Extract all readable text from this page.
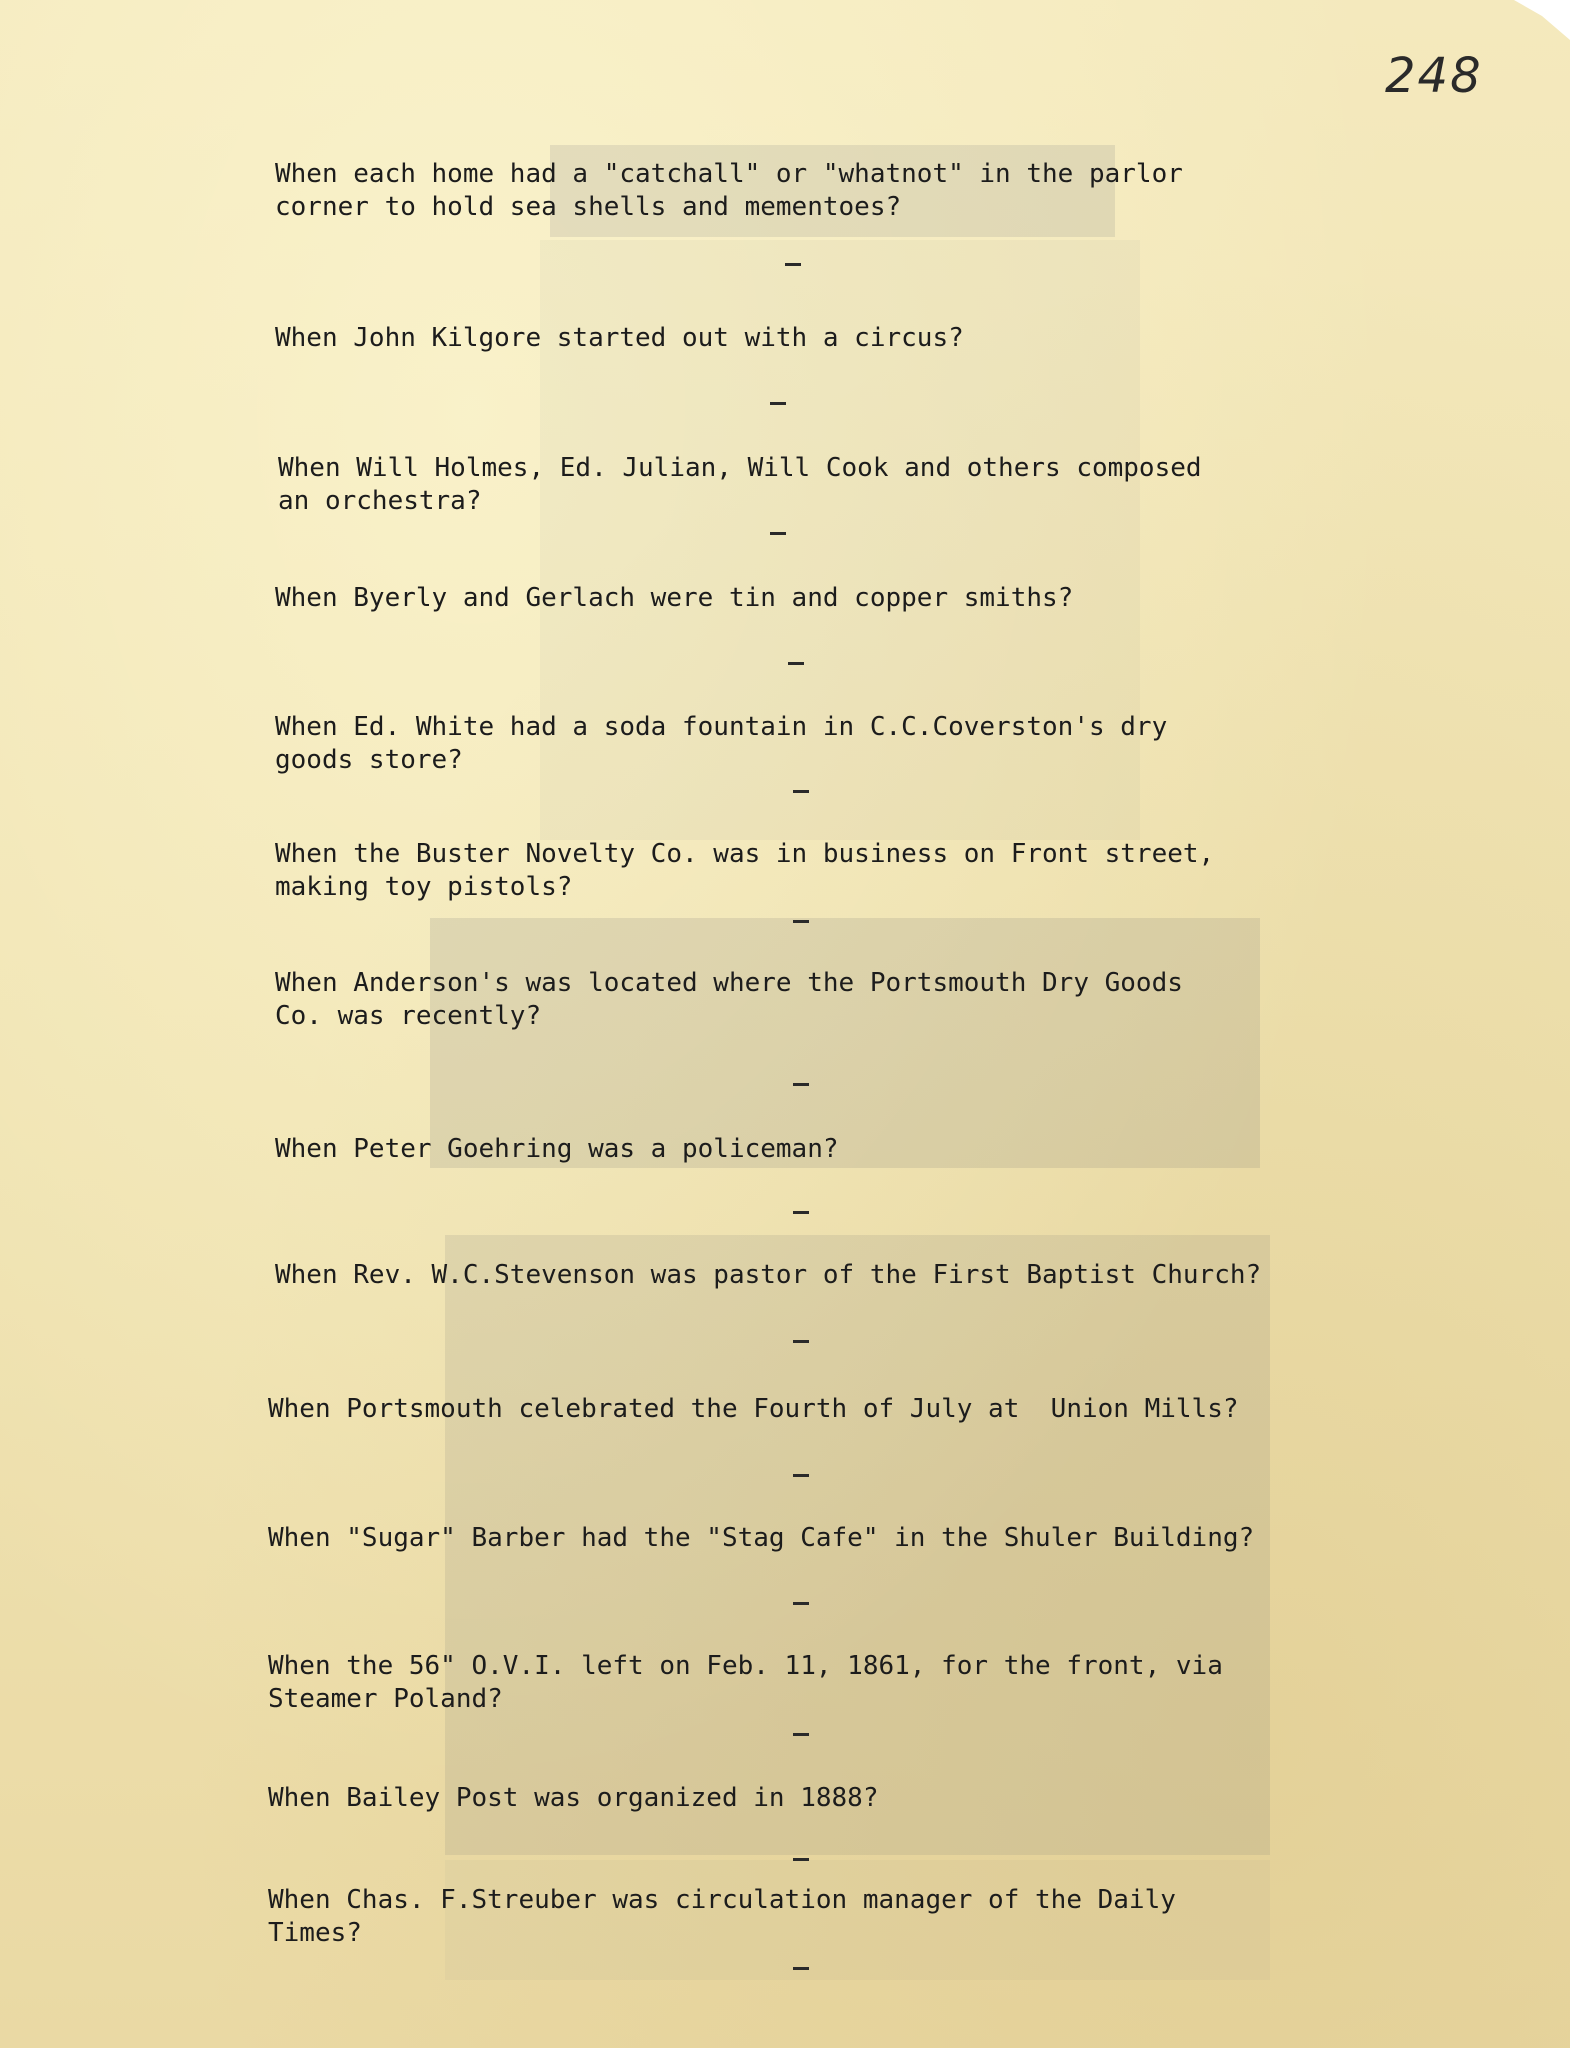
248

When each home had a "catchall" or "whatnot" in the parlor
corner to hold sea shells and mementoes?

When John Kilgore started out with a circus?

When Will Holmes, Ed. Julian, Will Cook and others composed
an orchestra?

When Byerly and Gerlach were tin and copper smiths?

When Ed. White had a soda fountain in C.C.Coverston's dry
goods store?

When the Buster Novelty Co. was in business on Front street,
making toy pistols?

When Anderson's was located where the Portsmouth Dry Goods
Co. was recently?

When Peter Goehring was a policeman?

When Rev. W.C.Stevenson was pastor of the First Baptist Church?

When Portsmouth celebrated the Fourth of July at  Union Mills?

When "Sugar" Barber had the "Stag Cafe" in the Shuler Building?

When the 56" O.V.I. left on Feb. 11, 1861, for the front, via
Steamer Poland?

When Bailey Post was organized in 1888?

When Chas. F.Streuber was circulation manager of the Daily
Times?
